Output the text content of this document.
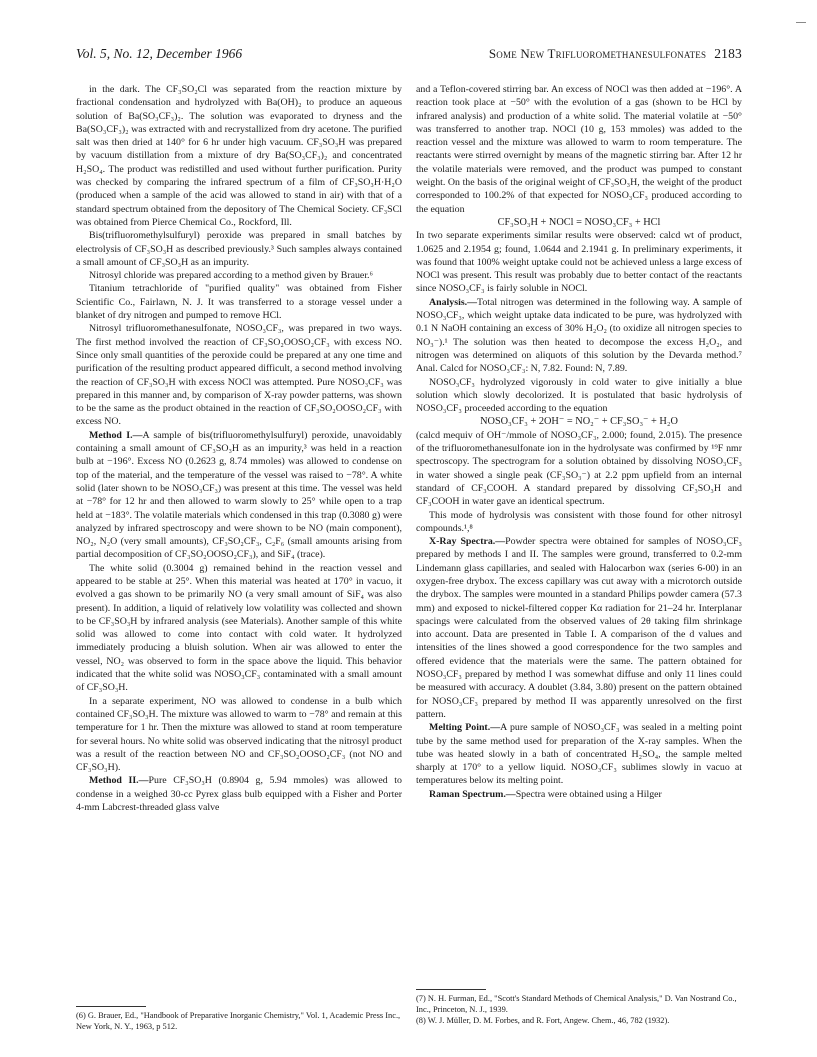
Vol. 5, No. 12, December 1966	Some New Trifluoromethanesulfonates 2183

in the dark. The CF₃SO₂Cl was separated from the reaction mixture by fractional condensation and hydrolyzed with Ba(OH)₂ to produce an aqueous solution of Ba(SO₃CF₃)₂. The solution was evaporated to dryness and the Ba(SO₃CF₃)₂ was extracted with and recrystallized from dry acetone. The purified salt was then dried at 140° for 6 hr under high vacuum. CF₃SO₃H was prepared by vacuum distillation from a mixture of dry Ba(SO₃CF₃)₂ and concentrated H₂SO₄. The product was redistilled and used without further purification. Purity was checked by comparing the infrared spectrum of a film of CF₃SO₃H·H₂O (produced when a sample of the acid was allowed to stand in air) with that of a standard spectrum obtained from the depository of The Chemical Society. CF₃SCl was obtained from Pierce Chemical Co., Rockford, Ill.

Bis(trifluoromethylsulfuryl) peroxide was prepared in small batches by electrolysis of CF₃SO₃H as described previously.³ Such samples always contained a small amount of CF₃SO₃H as an impurity.

Nitrosyl chloride was prepared according to a method given by Brauer.⁶

Titanium tetrachloride of "purified quality" was obtained from Fisher Scientific Co., Fairlawn, N. J. It was transferred to a storage vessel under a blanket of dry nitrogen and pumped to remove HCl.

Nitrosyl trifluoromethanesulfonate, NOSO₃CF₃, was prepared in two ways. The first method involved the reaction of CF₃SO₂OOSO₂CF₃ with excess NO. Since only small quantities of the peroxide could be prepared at any one time and purification of the resulting product appeared difficult, a second method involving the reaction of CF₃SO₃H with excess NOCl was attempted. Pure NOSO₃CF₃ was prepared in this manner and, by comparison of X-ray powder patterns, was shown to be the same as the product obtained in the reaction of CF₃SO₂OOSO₂CF₃ with excess NO.

Method I.—A sample of bis(trifluoromethylsulfuryl) peroxide, unavoidably containing a small amount of CF₃SO₃H as an impurity,³ was held in a reaction bulb at −196°. Excess NO (0.2623 g, 8.74 mmoles) was allowed to condense on top of the material, and the temperature of the vessel was raised to −78°. A white solid (later shown to be NOSO₃CF₃) was present at this time. The vessel was held at −78° for 12 hr and then allowed to warm slowly to 25° while open to a trap held at −183°. The volatile materials which condensed in this trap (0.3080 g) were analyzed by infrared spectroscopy and were shown to be NO (main component), NO₂, N₂O (very small amounts), CF₃SO₂CF₃, C₂F₆ (small amounts arising from partial decomposition of CF₃SO₂OOSO₂CF₃), and SiF₄ (trace).

The white solid (0.3004 g) remained behind in the reaction vessel and appeared to be stable at 25°. When this material was heated at 170° in vacuo, it evolved a gas shown to be primarily NO (a very small amount of SiF₄ was also present). In addition, a liquid of relatively low volatility was collected and shown to be CF₃SO₃H by infrared analysis (see Materials). Another sample of this white solid was allowed to come into contact with cold water. It hydrolyzed immediately producing a bluish solution. When air was allowed to enter the vessel, NO₂ was observed to form in the space above the liquid. This behavior indicated that the white solid was NOSO₃CF₃ contaminated with a small amount of CF₃SO₃H.

In a separate experiment, NO was allowed to condense in a bulb which contained CF₃SO₃H. The mixture was allowed to warm to −78° and remain at this temperature for 1 hr. Then the mixture was allowed to stand at room temperature for several hours. No white solid was observed indicating that the nitrosyl product was a result of the reaction between NO and CF₃SO₂OOSO₂CF₃ (not NO and CF₃SO₃H).

Method II.—Pure CF₃SO₃H (0.8904 g, 5.94 mmoles) was allowed to condense in a weighed 30-cc Pyrex glass bulb equipped with a Fisher and Porter 4-mm Labcrest-threaded glass valve

and a Teflon-covered stirring bar. An excess of NOCl was then added at −196°. A reaction took place at −50° with the evolution of a gas (shown to be HCl by infrared analysis) and production of a white solid. The material volatile at −50° was transferred to another trap. NOCl (10 g, 153 mmoles) was added to the reaction vessel and the mixture was allowed to warm to room temperature. The reactants were stirred overnight by means of the magnetic stirring bar. After 12 hr the volatile materials were removed, and the product was pumped to constant weight. On the basis of the original weight of CF₃SO₃H, the weight of the product corresponded to 100.2% of that expected for NOSO₃CF₃ produced according to the equation

CF₃SO₃H + NOCl = NOSO₃CF₃ + HCl

In two separate experiments similar results were observed: calcd wt of product, 1.0625 and 2.1954 g; found, 1.0644 and 2.1941 g. In preliminary experiments, it was found that 100% weight uptake could not be achieved unless a large excess of NOCl was present. This result was probably due to better contact of the reactants since NOSO₃CF₃ is fairly soluble in NOCl.

Analysis.—Total nitrogen was determined in the following way. A sample of NOSO₃CF₃, which weight uptake data indicated to be pure, was hydrolyzed with 0.1 N NaOH containing an excess of 30% H₂O₂ (to oxidize all nitrogen species to NO₃⁻).¹ The solution was then heated to decompose the excess H₂O₂, and nitrogen was determined on aliquots of this solution by the Devarda method.⁷ Anal. Calcd for NOSO₃CF₃: N, 7.82. Found: N, 7.89.

NOSO₃CF₃ hydrolyzed vigorously in cold water to give initially a blue solution which slowly decolorized. It is postulated that basic hydrolysis of NOSO₃CF₃ proceeded according to the equation

NOSO₃CF₃ + 2OH⁻ = NO₂⁻ + CF₃SO₃⁻ + H₂O

(calcd mequiv of OH⁻/mmole of NOSO₃CF₃, 2.000; found, 2.015). The presence of the trifluoromethanesulfonate ion in the hydrolysate was confirmed by ¹⁹F nmr spectroscopy. The spectrogram for a solution obtained by dissolving NOSO₃CF₃ in water showed a single peak (CF₃SO₃⁻) at 2.2 ppm upfield from an internal standard of CF₃COOH. A standard prepared by dissolving CF₃SO₃H and CF₃COOH in water gave an identical spectrum.

This mode of hydrolysis was consistent with those found for other nitrosyl compounds.¹,⁸

X-Ray Spectra.—Powder spectra were obtained for samples of NOSO₃CF₃ prepared by methods I and II. The samples were ground, transferred to 0.2-mm Lindemann glass capillaries, and sealed with Halocarbon wax (series 6-00) in an oxygen-free drybox. The excess capillary was cut away with a microtorch outside the drybox. The samples were mounted in a standard Philips powder camera (57.3 mm) and exposed to nickel-filtered copper Kα radiation for 21–24 hr. Interplanar spacings were calculated from the observed values of 2θ taking film shrinkage into account. Data are presented in Table I. A comparison of the d values and intensities of the lines showed a good correspondence for the two samples and offered evidence that the materials were the same. The pattern obtained for NOSO₃CF₃ prepared by method I was somewhat diffuse and only 11 lines could be measured with accuracy. A doublet (3.84, 3.80) present on the pattern obtained for NOSO₃CF₃ prepared by method II was apparently unresolved on the first pattern.

Melting Point.—A pure sample of NOSO₃CF₃ was sealed in a melting point tube by the same method used for preparation of the X-ray samples. When the tube was heated slowly in a bath of concentrated H₂SO₄, the sample melted sharply at 170° to a yellow liquid. NOSO₃CF₃ sublimes slowly in vacuo at temperatures below its melting point.

Raman Spectrum.—Spectra were obtained using a Hilger

(6) G. Brauer, Ed., "Handbook of Preparative Inorganic Chemistry," Vol. 1, Academic Press Inc., New York, N. Y., 1963, p 512.

(7) N. H. Furman, Ed., "Scott's Standard Methods of Chemical Analysis," D. Van Nostrand Co., Inc., Princeton, N. J., 1939.

(8) W. J. Müller, D. M. Forbes, and R. Fort, Angew. Chem., 46, 782 (1932).
